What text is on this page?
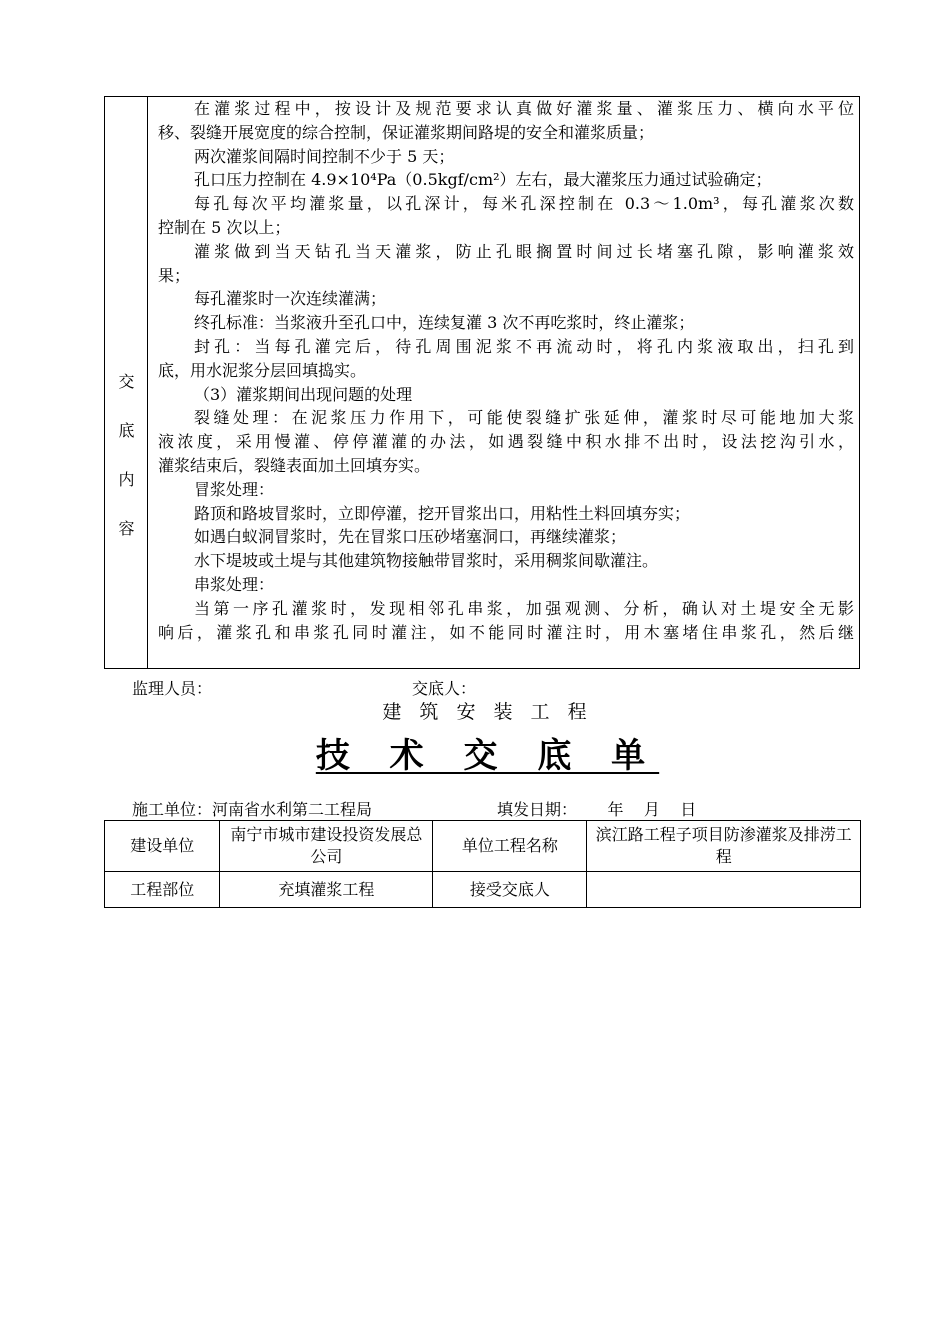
交
底
内
容
在灌浆过程中，按设计及规范要求认真做好灌浆量、灌浆压力、横向水平位
移、裂缝开展宽度的综合控制，保证灌浆期间路堤的安全和灌浆质量；
两次灌浆间隔时间控制不少于 5 天；
孔口压力控制在 4.9×10⁴Pa（0.5kgf/cm²）左右，最大灌浆压力通过试验确定；
每孔每次平均灌浆量，以孔深计，每米孔深控制在 0.3～1.0m³，每孔灌浆次数
控制在 5 次以上；
灌浆做到当天钻孔当天灌浆，防止孔眼搁置时间过长堵塞孔隙，影响灌浆效
果；
每孔灌浆时一次连续灌满；
终孔标准：当浆液升至孔口中，连续复灌 3 次不再吃浆时，终止灌浆；
封孔：当每孔灌完后，待孔周围泥浆不再流动时，将孔内浆液取出，扫孔到
底，用水泥浆分层回填捣实。
（3）灌浆期间出现问题的处理
裂缝处理：在泥浆压力作用下，可能使裂缝扩张延伸，灌浆时尽可能地加大浆
液浓度，采用慢灌、停停灌灌的办法，如遇裂缝中积水排不出时，设法挖沟引水，
灌浆结束后，裂缝表面加土回填夯实。
冒浆处理：
路顶和路坡冒浆时，立即停灌，挖开冒浆出口，用粘性土料回填夯实；
如遇白蚁洞冒浆时，先在冒浆口压砂堵塞洞口，再继续灌浆；
水下堤坡或土堤与其他建筑物接触带冒浆时，采用稠浆间歇灌注。
串浆处理：
当第一序孔灌浆时，发现相邻孔串浆，加强观测、分析，确认对土堤安全无影
响后，灌浆孔和串浆孔同时灌注，如不能同时灌注时，用木塞堵住串浆孔，然后继
监理人员：	交底人：
建 筑 安 装 工 程
技 术 交 底 单
施工单位：河南省水利第二工程局	填发日期：      年    月    日
建设单位	南宁市城市建设投资发展总公司	单位工程名称	滨江路工程子项目防渗灌浆及排涝工程
工程部位	充填灌浆工程	接受交底人	
